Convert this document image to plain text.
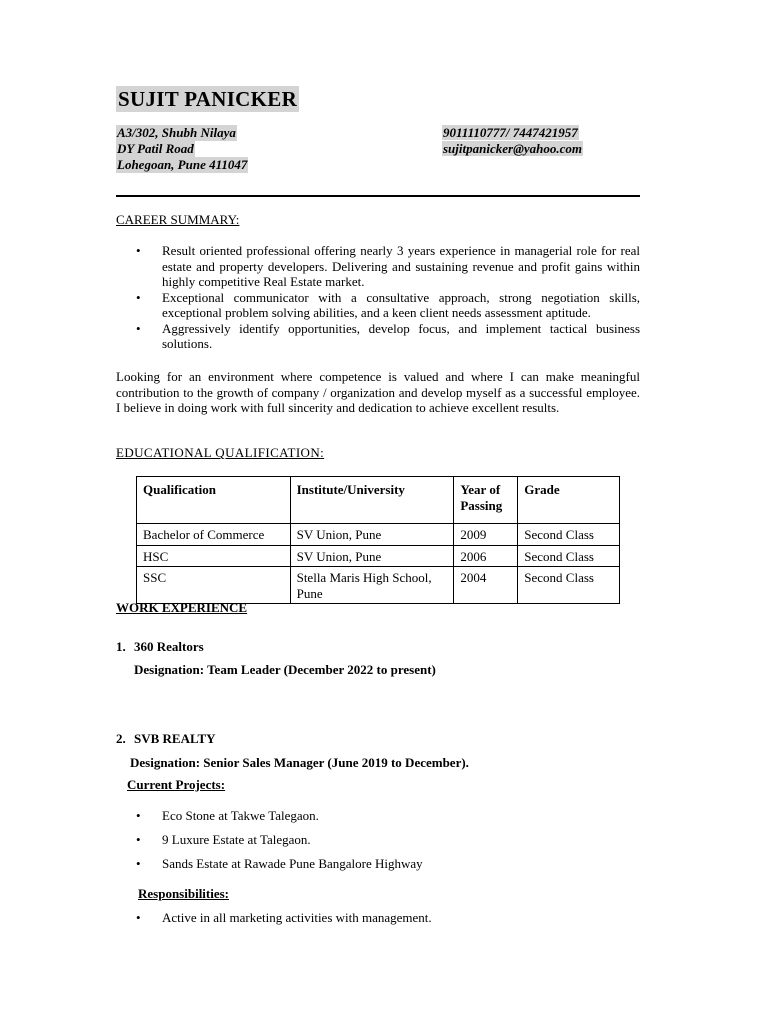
SUJIT PANICKER
A3/302, Shubh Nilaya	9011110777/ 7447421957
DY Patil Road	sujitpanicker@yahoo.com
Lohegoan, Pune 411047
CAREER SUMMARY:
• Result oriented professional offering nearly 3 years experience in managerial role for real estate and property developers. Delivering and sustaining revenue and profit gains within highly competitive Real Estate market.
• Exceptional communicator with a consultative approach, strong negotiation skills, exceptional problem solving abilities, and a keen client needs assessment aptitude.
• Aggressively identify opportunities, develop focus, and implement tactical business solutions.

Looking for an environment where competence is valued and where I can make meaningful contribution to the growth of company / organization and develop myself as a successful employee. I believe in doing work with full sincerity and dedication to achieve excellent results.

EDUCATIONAL QUALIFICATION:
Qualification	Institute/University	Year of Passing	Grade
Bachelor of Commerce	SV Union, Pune	2009	Second Class
HSC	SV Union, Pune	2006	Second Class
SSC	Stella Maris High School, Pune	2004	Second Class
WORK EXPERIENCE
1. 360 Realtors
Designation: Team Leader (December 2022 to present)
2. SVB REALTY
Designation: Senior Sales Manager (June 2019 to December).
Current Projects:
• Eco Stone at Takwe Talegaon.
• 9 Luxure Estate at Talegaon.
• Sands Estate at Rawade Pune Bangalore Highway
Responsibilities:
• Active in all marketing activities with management.
